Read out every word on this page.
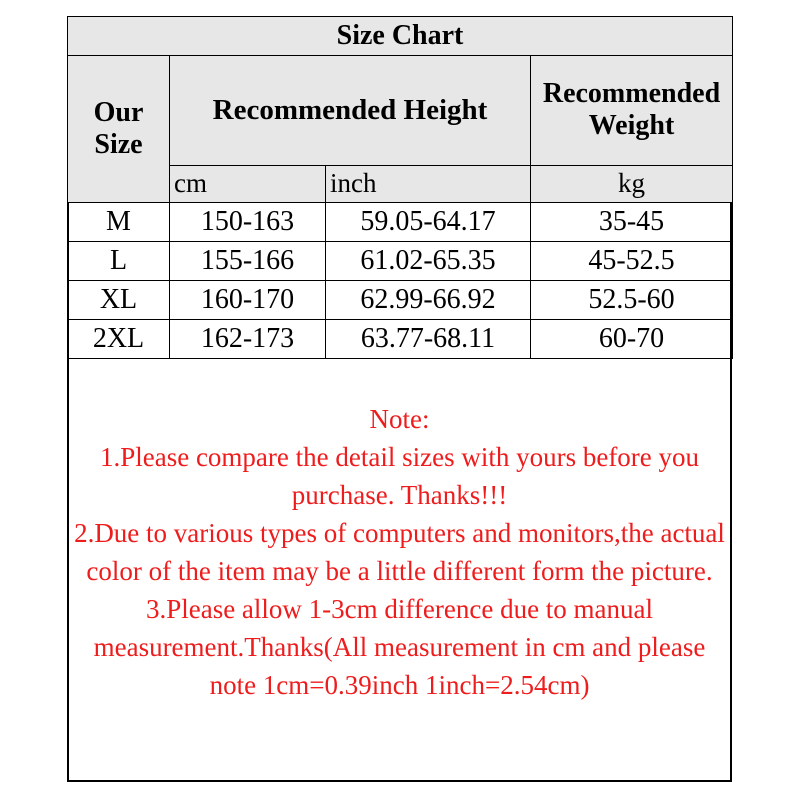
Size Chart			
Our Size	Recommended Height		Recommended Weight
	cm	inch	kg
M	150-163	59.05-64.17	35-45
L	155-166	61.02-65.35	45-52.5
XL	160-170	62.99-66.92	52.5-60
2XL	162-173	63.77-68.11	60-70

Note:

1.Please compare the detail sizes with yours before you purchase. Thanks!!!

2.Due to various types of computers and monitors,the actual color of the item may be a little different form the picture.

3.Please allow 1-3cm difference due to manual measurement.Thanks(All measurement in cm and please note 1cm=0.39inch 1inch=2.54cm)
